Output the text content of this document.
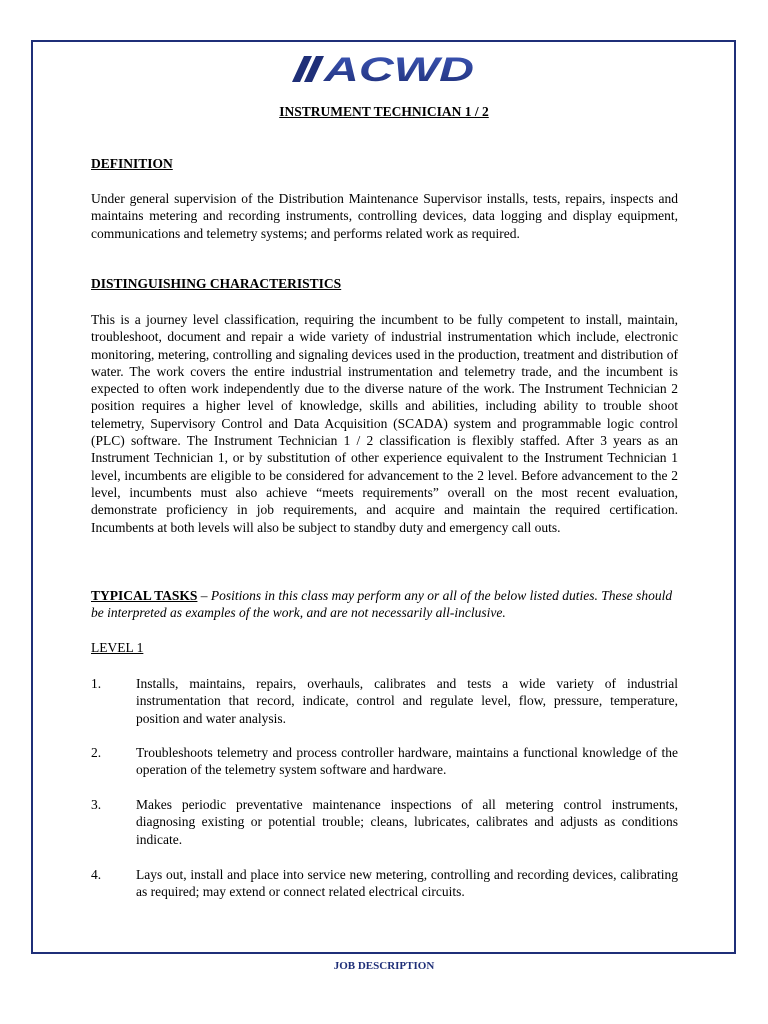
ACWD
INSTRUMENT TECHNICIAN 1 / 2
DEFINITION
Under general supervision of the Distribution Maintenance Supervisor installs, tests, repairs, inspects and maintains metering and recording instruments, controlling devices, data logging and display equipment, communications and telemetry systems; and performs related work as required.
DISTINGUISHING CHARACTERISTICS
This is a journey level classification, requiring the incumbent to be fully competent to install, maintain, troubleshoot, document and repair a wide variety of industrial instrumentation which include, electronic monitoring, metering, controlling and signaling devices used in the production, treatment and distribution of water. The work covers the entire industrial instrumentation and telemetry trade, and the incumbent is expected to often work independently due to the diverse nature of the work. The Instrument Technician 2 position requires a higher level of knowledge, skills and abilities, including ability to trouble shoot telemetry, Supervisory Control and Data Acquisition (SCADA) system and programmable logic control (PLC) software. The Instrument Technician 1 / 2 classification is flexibly staffed. After 3 years as an Instrument Technician 1, or by substitution of other experience equivalent to the Instrument Technician 1 level, incumbents are eligible to be considered for advancement to the 2 level. Before advancement to the 2 level, incumbents must also achieve “meets requirements” overall on the most recent evaluation, demonstrate proficiency in job requirements, and acquire and maintain the required certification. Incumbents at both levels will also be subject to standby duty and emergency call outs.
TYPICAL TASKS – Positions in this class may perform any or all of the below listed duties. These should be interpreted as examples of the work, and are not necessarily all-inclusive.
LEVEL 1
1.	Installs, maintains, repairs, overhauls, calibrates and tests a wide variety of industrial instrumentation that record, indicate, control and regulate level, flow, pressure, temperature, position and water analysis.
2.	Troubleshoots telemetry and process controller hardware, maintains a functional knowledge of the operation of the telemetry system software and hardware.
3.	Makes periodic preventative maintenance inspections of all metering control instruments, diagnosing existing or potential trouble; cleans, lubricates, calibrates and adjusts as conditions indicate.
4.	Lays out, install and place into service new metering, controlling and recording devices, calibrating as required; may extend or connect related electrical circuits.
JOB DESCRIPTION
